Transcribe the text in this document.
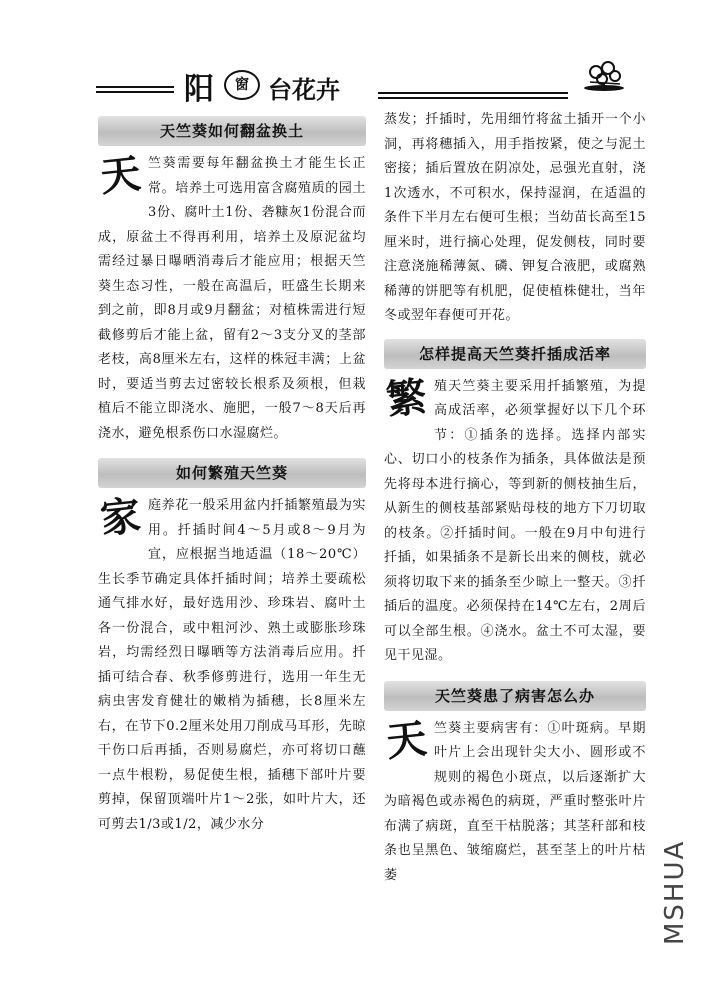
阳	窗 台花卉
天竺葵如何翻盆换土

天竺葵需要每年翻盆换土才能生长正常。培养土可选用富含腐殖质的园土3份、腐叶土1份、砻糠灰1份混合而成，原盆土不得再利用，培养土及原泥盆均需经过暴日曝晒消毒后才能应用；根据天竺葵生态习性，一般在高温后，旺盛生长期来到之前，即8月或9月翻盆；对植株需进行短截修剪后才能上盆，留有2～3支分叉的茎部老枝，高8厘米左右，这样的株冠丰满；上盆时，要适当剪去过密较长根系及须根，但栽植后不能立即浇水、施肥，一般7～8天后再浇水，避免根系伤口水湿腐烂。

如何繁殖天竺葵

家庭养花一般采用盆内扦插繁殖最为实用。扦插时间4～5月或8～9月为宜，应根据当地适温（18～20℃）生长季节确定具体扦插时间；培养土要疏松通气排水好，最好选用沙、珍珠岩、腐叶土各一份混合，或中粗河沙、熟土或膨胀珍珠岩，均需经烈日曝晒等方法消毒后应用。扦插可结合春、秋季修剪进行，选用一年生无病虫害发育健壮的嫩梢为插穗，长8厘米左右，在节下0.2厘米处用刀削成马耳形，先晾干伤口后再插，否则易腐烂，亦可将切口蘸一点牛根粉，易促使生根，插穗下部叶片要剪掉，保留顶端叶片1～2张，如叶片大，还可剪去1/3或1/2，减少水分

蒸发；扦插时，先用细竹将盆土插开一个小洞，再将穗插入，用手指按紧，使之与泥土密接；插后置放在阴凉处，忌强光直射，浇1次透水，不可积水，保持湿润，在适温的条件下半月左右便可生根；当幼苗长高至15厘米时，进行摘心处理，促发侧枝，同时要注意浇施稀薄氮、磷、钾复合液肥，或腐熟稀薄的饼肥等有机肥，促使植株健壮，当年冬或翌年春便可开花。

怎样提高天竺葵扦插成活率

繁殖天竺葵主要采用扦插繁殖，为提高成活率，必须掌握好以下几个环节：①插条的选择。选择内部实心、切口小的枝条作为插条，具体做法是预先将母本进行摘心，等到新的侧枝抽生后，从新生的侧枝基部紧贴母枝的地方下刀切取的枝条。②扦插时间。一般在9月中旬进行扦插，如果插条不是新长出来的侧枝，就必须将切取下来的插条至少晾上一整天。③扦插后的温度。必须保持在14℃左右，2周后可以全部生根。④浇水。盆土不可太湿，要见干见湿。

天竺葵患了病害怎么办

天竺葵主要病害有：①叶斑病。早期叶片上会出现针尖大小、圆形或不规则的褐色小斑点，以后逐渐扩大为暗褐色或赤褐色的病斑，严重时整张叶片布满了病斑，直至干枯脱落；其茎秆部和枝条也呈黑色、皱缩腐烂，甚至茎上的叶片枯萎	MSHUA
